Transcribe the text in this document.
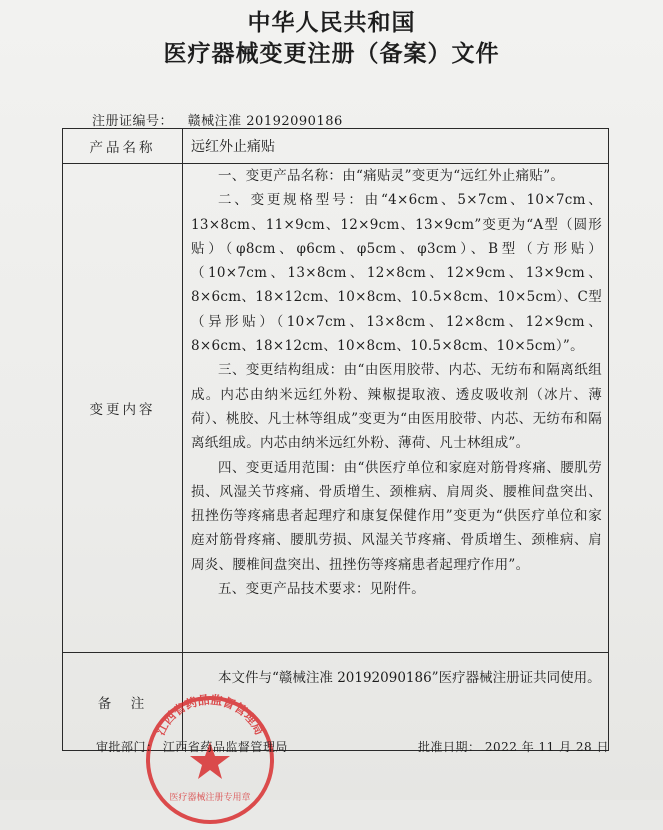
中华人民共和国
医疗器械变更注册（备案）文件
注册证编号： 赣械注准 20192090186
产品名称	远红外止痛贴
变更内容	一、变更产品名称：由“痛贴灵”变更为“远红外止痛贴”。

二、变更规格型号：由“4×6cm、5×7cm、10×7cm、13×8cm、11×9cm、12×9cm、13×9cm”变更为“A型（圆形贴）（φ8cm、φ6cm、φ5cm、φ3cm）、B型（方形贴）（10×7cm、13×8cm、12×8cm、12×9cm、13×9cm、8×6cm、18×12cm、10×8cm、10.5×8cm、10×5cm）、C型（异形贴）（10×7cm、13×8cm、12×8cm、12×9cm、8×6cm、18×12cm、10×8cm、10.5×8cm、10×5cm）”。

三、变更结构组成：由“由医用胶带、内芯、无纺布和隔离纸组成。内芯由纳米远红外粉、辣椒提取液、透皮吸收剂（冰片、薄荷）、桃胶、凡士林等组成”变更为“由医用胶带、内芯、无纺布和隔离纸组成。内芯由纳米远红外粉、薄荷、凡士林组成”。

四、变更适用范围：由“供医疗单位和家庭对筋骨疼痛、腰肌劳损、风湿关节疼痛、骨质增生、颈椎病、肩周炎、腰椎间盘突出、扭挫伤等疼痛患者起理疗和康复保健作用”变更为“供医疗单位和家庭对筋骨疼痛、腰肌劳损、风湿关节疼痛、骨质增生、颈椎病、肩周炎、腰椎间盘突出、扭挫伤等疼痛患者起理疗作用”。

五、变更产品技术要求：见附件。

备　注	本文件与“赣械注准 20192090186”医疗器械注册证共同使用。

江西省药品监督管理局
医疗器械注册专用章
审批部门： 江西省药品监督管理局	批准日期： 2022 年 11 月 28 日
